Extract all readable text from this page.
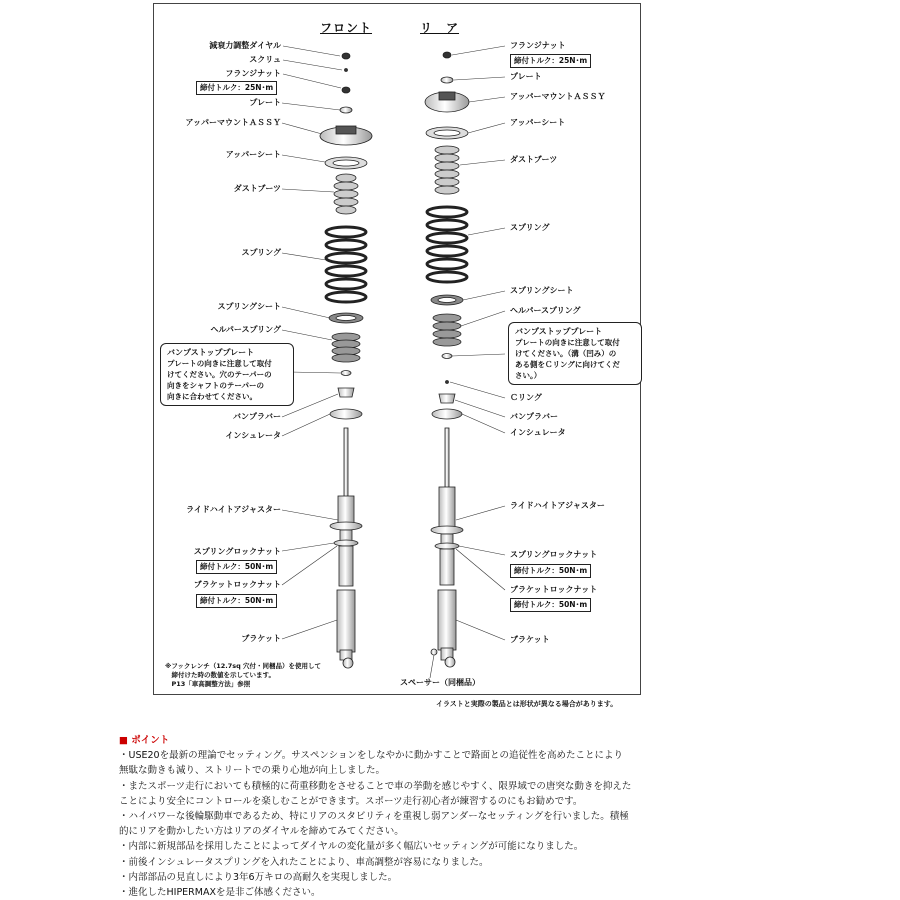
フロント	リ　ア
減衰力調整ダイヤル
スクリュ
フランジナット
締付トルク：25N･m
プレート
アッパーマウントＡＳＳＹ
アッパーシート
ダストブーツ
スプリング
スプリングシート
ヘルパースプリング
バンプストッププレート
プレートの向きに注意して取付
けてください。穴のテーパーの
向きをシャフトのテーパーの
向きに合わせてください。
バンプラバー
インシュレータ
ライドハイトアジャスター
スプリングロックナット
締付トルク：50N･m
ブラケットロックナット
締付トルク：50N･m
ブラケット
※フックレンチ（12.7sq 穴付・同梱品）を使用して
　締付けた時の数値を示しています。
　P13「車高調整方法」参照
フランジナット
締付トルク：25N･m
プレート
アッパーマウントＡＳＳＹ
アッパーシート
ダストブーツ
スプリング
スプリングシート
ヘルパースプリング
バンプストッププレート
プレートの向きに注意して取付
けてください。（溝（凹み）の
ある側をＣリングに向けてくだ
さい。）
Ｃリング
バンプラバー
インシュレータ
ライドハイトアジャスター
スプリングロックナット
締付トルク：50N･m
ブラケットロックナット
締付トルク：50N･m
ブラケット
スペーサー（同梱品）
イラストと実際の製品とは形状が異なる場合があります。
■ ポイント
・USE20を最新の理論でセッティング。サスペンションをしなやかに動かすことで路面との追従性を高めたことにより
無駄な動きも減り、ストリートでの乗り心地が向上しました。
・またスポーツ走行においても積極的に荷重移動をさせることで車の挙動を感じやすく、限界域での唐突な動きを抑えた
ことにより安全にコントロールを楽しむことができます。スポーツ走行初心者が練習するのにもお勧めです。
・ハイパワーな後輪駆動車であるため、特にリアのスタビリティを重視し弱アンダーなセッティングを行いました。積極
的にリアを動かしたい方はリアのダイヤルを締めてみてください。
・内部に新規部品を採用したことによってダイヤルの変化量が多く幅広いセッティングが可能になりました。
・前後インシュレータスプリングを入れたことにより、車高調整が容易になりました。
・内部部品の見直しにより3年6万キロの高耐久を実現しました。
・進化したHIPERMAXを是非ご体感ください。
